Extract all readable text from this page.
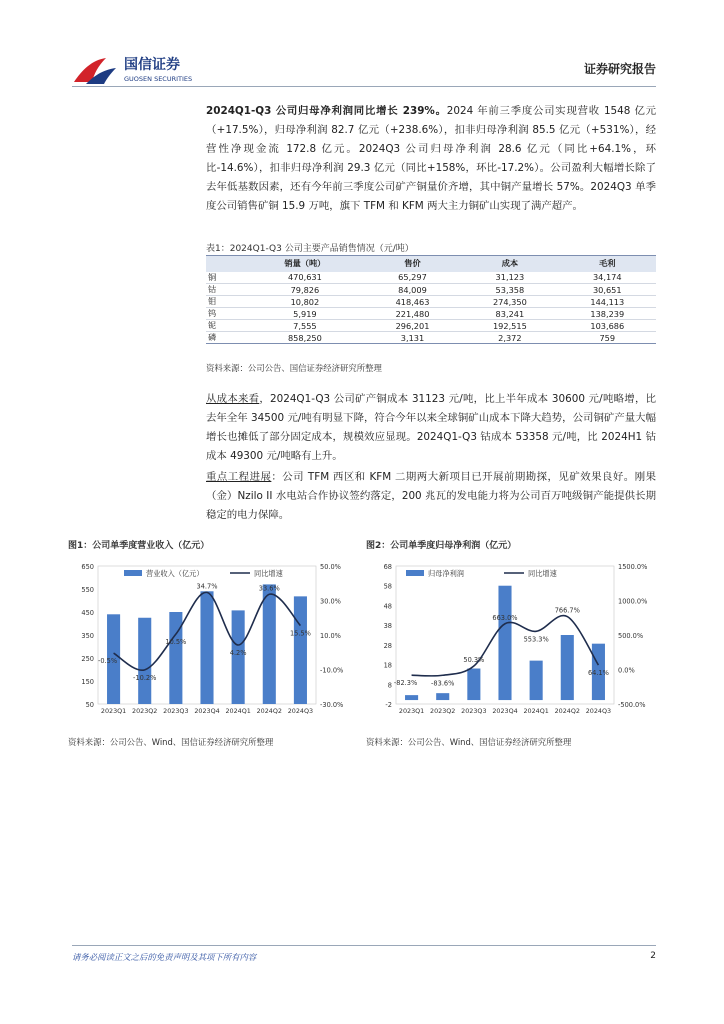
国信证券
GUOSEN SECURITIES
证券研究报告

2024Q1-Q3 公司归母净利润同比增长 239%。2024 年前三季度公司实现营收 1548 亿元（+17.5%），归母净利润 82.7 亿元（+238.6%），扣非归母净利润 85.5 亿元（+531%），经营性净现金流 172.8 亿元。2024Q3 公司归母净利润 28.6 亿元（同比+64.1%，环比-14.6%），扣非归母净利润 29.3 亿元（同比+158%，环比-17.2%）。公司盈利大幅增长除了去年低基数因素，还有今年前三季度公司矿产铜量价齐增，其中铜产量增长 57%。2024Q3 单季度公司销售矿铜 15.9 万吨，旗下 TFM 和 KFM 两大主力铜矿山实现了满产超产。

表1：2024Q1-Q3 公司主要产品销售情况（元/吨）
	销量（吨）	售价	成本	毛利
铜	470,631	65,297	31,123	34,174
钴	79,826	84,009	53,358	30,651
钼	10,802	418,463	274,350	144,113
钨	5,919	221,480	83,241	138,239
铌	7,555	296,201	192,515	103,686
磷	858,250	3,131	2,372	759
资料来源：公司公告、国信证券经济研究所整理

从成本来看，2024Q1-Q3 公司矿产铜成本 31123 元/吨，比上半年成本 30600 元/吨略增，比去年全年 34500 元/吨有明显下降，符合今年以来全球铜矿山成本下降大趋势，公司铜矿产量大幅增长也摊低了部分固定成本，规模效应显现。2024Q1-Q3 钴成本 53358 元/吨，比 2024H1 钴成本 49300 元/吨略有上升。

重点工程进展：公司 TFM 西区和 KFM 二期两大新项目已开展前期勘探，见矿效果良好。刚果（金）Nzilo II 水电站合作协议签约落定，200 兆瓦的发电能力将为公司百万吨级铜产能提供长期稳定的电力保障。

图1：公司单季度营业收入（亿元）	图2：公司单季度归母净利润（亿元）
650
550
450
350
250
150
50
50.0%
30.0%
10.0%
-10.0%
-30.0%
2023Q1 2023Q2 2023Q3 2023Q4 2024Q1 2024Q2 2024Q3
-0.5%
-10.2%
10.5%
34.7%
4.2%
33.6%
15.5%
营业收入（亿元）	同比增速
68
58
48
38
28
18
8
-2
1500.0%
1000.0%
500.0%
0.0%
-500.0%
2023Q1 2023Q2 2023Q3 2023Q4 2024Q1 2024Q2 2024Q3
-82.3% -83.6%
50.3%
663.0%
553.3%
766.7%
64.1%
归母净利润	同比增速
资料来源：公司公告、Wind、国信证券经济研究所整理	资料来源：公司公告、Wind、国信证券经济研究所整理
请务必阅读正文之后的免责声明及其项下所有内容	2
